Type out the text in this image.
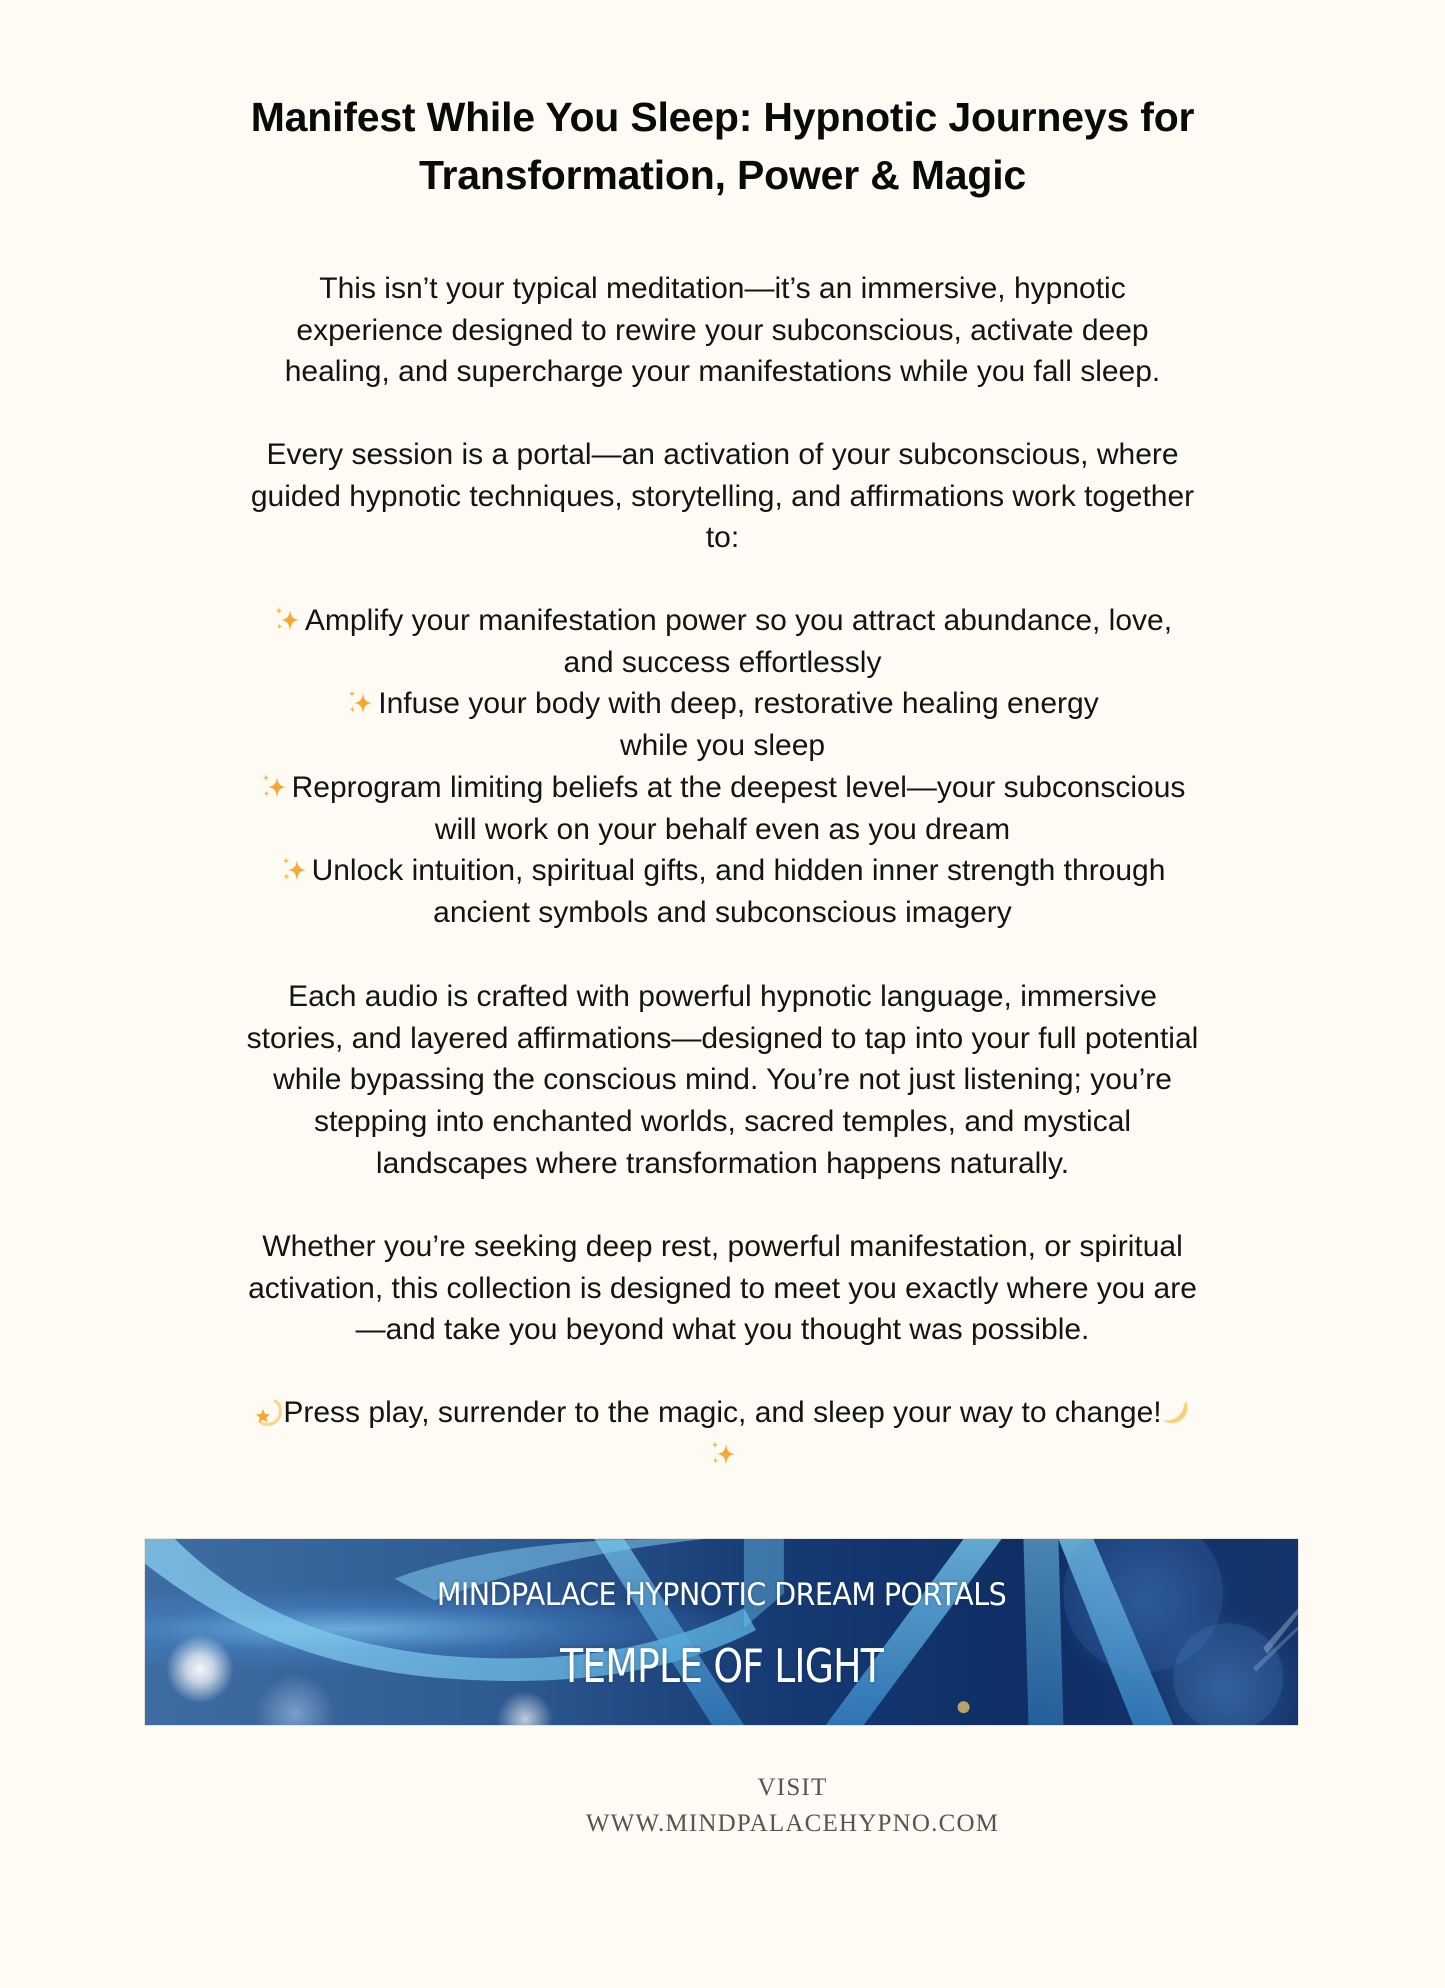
Manifest While You Sleep: Hypnotic Journeys for
Transformation, Power & Magic

This isn’t your typical meditation—it’s an immersive, hypnotic
experience designed to rewire your subconscious, activate deep
healing, and supercharge your manifestations while you fall sleep.

Every session is a portal—an activation of your subconscious, where
guided hypnotic techniques, storytelling, and affirmations work together
to:

Amplify your manifestation power so you attract abundance, love,
and success effortlessly
Infuse your body with deep, restorative healing energy
while you sleep
Reprogram limiting beliefs at the deepest level—your subconscious
will work on your behalf even as you dream
Unlock intuition, spiritual gifts, and hidden inner strength through
ancient symbols and subconscious imagery

Each audio is crafted with powerful hypnotic language, immersive
stories, and layered affirmations—designed to tap into your full potential
while bypassing the conscious mind. You’re not just listening; you’re
stepping into enchanted worlds, sacred temples, and mystical
landscapes where transformation happens naturally.

Whether you’re seeking deep rest, powerful manifestation, or spiritual
activation, this collection is designed to meet you exactly where you are
—and take you beyond what you thought was possible.

Press play, surrender to the magic, and sleep your way to change!
MINDPALACE HYPNOTIC DREAM PORTALS
TEMPLE OF LIGHT
VISIT
WWW.MINDPALACEHYPNO.COM
